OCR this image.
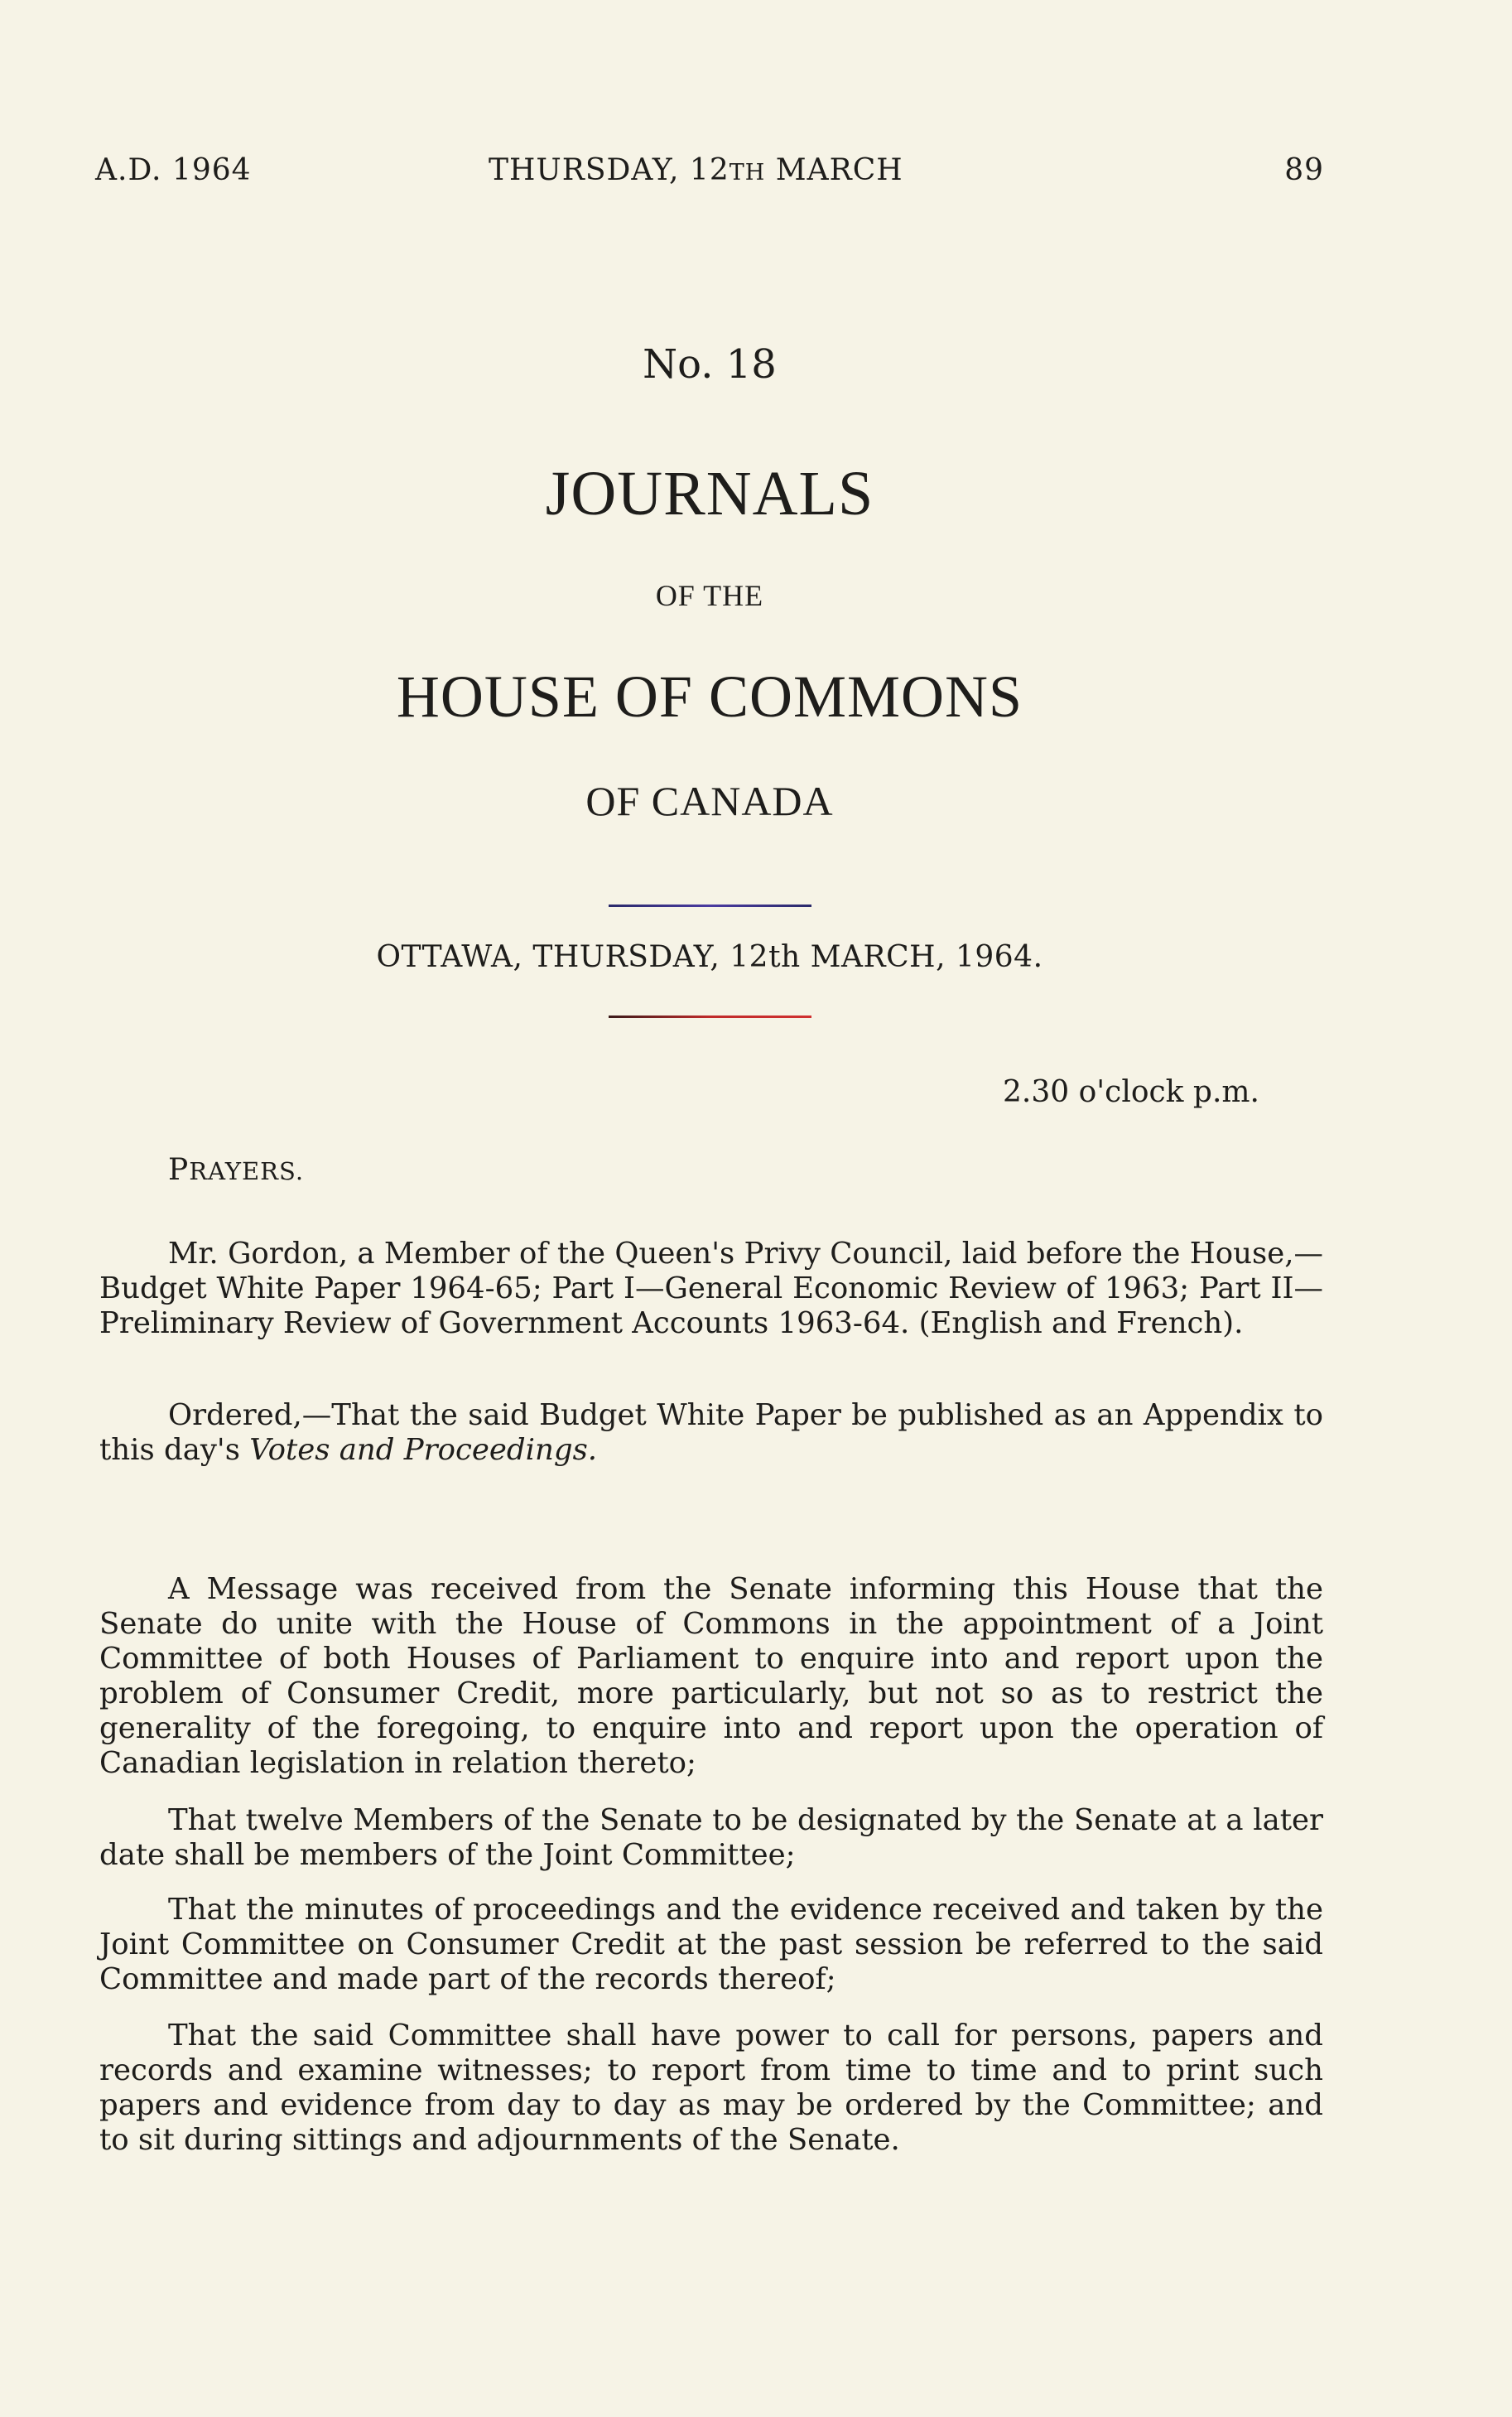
A.D. 1964	THURSDAY, 12TH MARCH	89
No. 18
JOURNALS
OF THE
HOUSE OF COMMONS
OF CANADA
OTTAWA, THURSDAY, 12th MARCH, 1964.
2.30 o'clock p.m.
PRAYERS.

Mr. Gordon, a Member of the Queen's Privy Council, laid before the House,—Budget White Paper 1964-65; Part I—General Economic Review of 1963; Part II—Preliminary Review of Government Accounts 1963-64. (English and French).

Ordered,—That the said Budget White Paper be published as an Appendix to this day's Votes and Proceedings.

A Message was received from the Senate informing this House that the Senate do unite with the House of Commons in the appointment of a Joint Committee of both Houses of Parliament to enquire into and report upon the problem of Consumer Credit, more particularly, but not so as to restrict the generality of the foregoing, to enquire into and report upon the operation of Canadian legislation in relation thereto;

That twelve Members of the Senate to be designated by the Senate at a later date shall be members of the Joint Committee;

That the minutes of proceedings and the evidence received and taken by the Joint Committee on Consumer Credit at the past session be referred to the said Committee and made part of the records thereof;

That the said Committee shall have power to call for persons, papers and records and examine witnesses; to report from time to time and to print such papers and evidence from day to day as may be ordered by the Committee; and to sit during sittings and adjournments of the Senate.
